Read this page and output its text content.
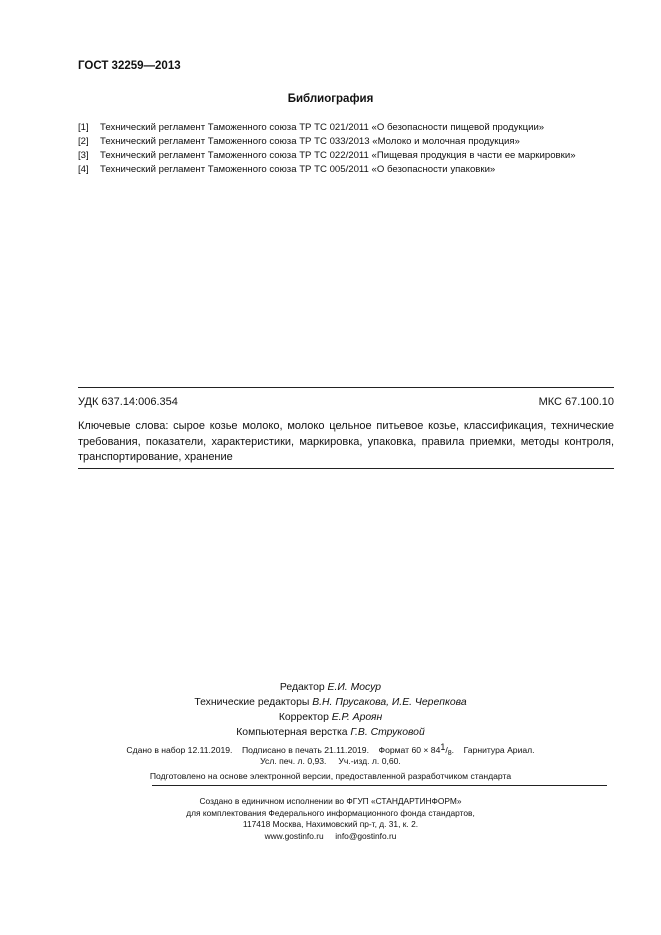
ГОСТ 32259—2013
Библиография
[1]	Технический регламент Таможенного союза ТР ТС 021/2011 «О безопасности пищевой продукции»
[2]	Технический регламент Таможенного союза ТР ТС 033/2013 «Молоко и молочная продукция»
[3]	Технический регламент Таможенного союза ТР ТС 022/2011 «Пищевая продукция в части ее маркировки»
[4]	Технический регламент Таможенного союза ТР ТС 005/2011 «О безопасности упаковки»
УДК 637.14:006.354	МКС 67.100.10
Ключевые слова: сырое козье молоко, молоко цельное питьевое козье, классификация, технические требования, показатели, характеристики, маркировка, упаковка, правила приемки, методы контроля, транспортирование, хранение
Редактор Е.И. Мосур
Технические редакторы В.Н. Прусакова, И.Е. Черепкова
Корректор Е.Р. Ароян
Компьютерная верстка Г.В. Струковой
Сдано в набор 12.11.2019. Подписано в печать 21.11.2019. Формат $60 \times 84^1/_8$.    Гарнитура Ариал.
Усл. печ. л. 0,93. Уч.-изд. л. 0,60.
Подготовлено на основе электронной версии, предоставленной разработчиком стандарта
Создано в единичном исполнении во ФГУП «СТАНДАРТИНФОРМ»
для комплектования Федерального информационного фонда стандартов,
117418 Москва, Нахимовский пр-т, д. 31, к. 2.
www.gostinfo.ru     info@gostinfo.ru
